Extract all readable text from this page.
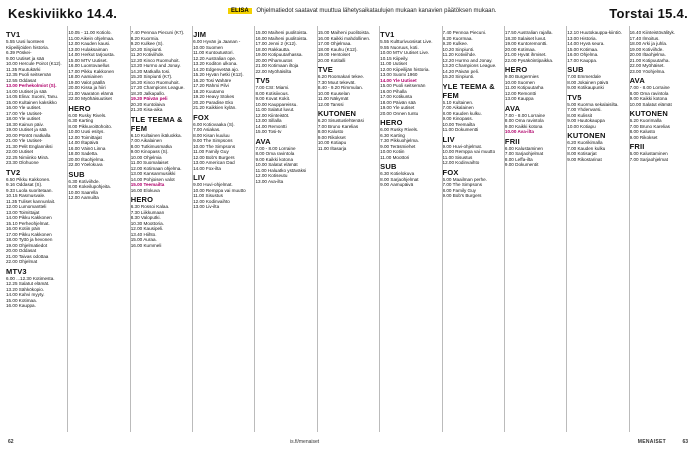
Keskiviikko 14.4.	ELISA Ohjelmatiedot saatavat muuttua lähetysaikataulujen mukaan kanavien päätöksen mukaan.	Torstai 15.4.
TV1
5.55 Uusi luonteen
Kiipeilijöiden historia.
6.39 Pöskei-
9.00 Uutiset ja sää
10.00 Hercule Poirot (K12).
11.35 Ruutukärki
12.35 Puoli seitsemän
12.55 Oddasat
13.00 Perhekolmiot (S).
14.00 Uutiset ja sää
14.05 Elina: Suomi, Tanu.
15.00 Kultainen kaksikko
16.00 Yle uutiset.
17.00 Yle Uutiset-
18.00 Yle uutiset
18.30 Kainun päiv.
19.00 Uutiset ja sää
20.00 Pöntöt matkalla
21.00 Yle Uutiset-
21.30 Pelit Englanniksi
22.00 Uutiset
22.25 Nimiinko Minä.
23.30 Olohuone
TV2
6.50 Pikku Kakkonen.
9.16 Oddasat (S).
9.33 Luola suoritetaan.
10.15 Rasmusvale.
11.35 Tuliset kannunlait.
12.00 Lumomantteli
13.00 Toimittajat
14.00 Pikku Kakkonen
15.10 Perheohjelmat.
16.00 Kotiin päin
17.00 Pikku Kakkonen
18.00 Tyttö ja hevonen
19.00 Ohjelmatiedot
20.00 Oddasat
21.00 Taivas odottaa
22.00 Ohjelmat
MTV3
6.00 ...12.30 Kotimesta.
12.25 Salatut elämät.
13.20 Sähkökopio.
14.00 Kahvi myyty.
15.00 Kotimaa.
16.00 Kauppa.
10.05 - 11.00 Kotiolo.
11.00 Aikein ohjelmaa.
12.00 Kauden kausi.
13.00 Hulaksaiman
14.00 Herkut tarjousta.
15.00 MTV Uutiset.
16.00 Luontovaellus
17.00 Pikku Kakkonen
18.00 Aamiainen
19.00 Valot päällä
20.00 Kissa ja hiiri
21.00 Vaaraton elämä
22.00 Myöhäisuutiset
HERO
6.00 Rusky Rivels.
6.30 Karting
8.00 Pikkuvoittohoito.
10.00 Uusi esitys.
12.00 Toimittajat
14.00 Iltapäivä
16.00 Väinö Linna
18.00 Sadetta.
20.00 Iltaohjelma.
22.00 Yöelokuva
SUB
6.30 Kotiviihde.
8.00 Kokeilupohjeita.
10.00 Saarella
12.00 Aamuilta
7.40 Pennoa Piecuni (K7).
8.20 Kuormia.
9.20 Kulkee (S).
10.20 Sinpiunti.
11.20 Kotiviihde.
12.20 Kinco Ruomuhoit.
13.20 Hurmo and Jonay.
14.20 Matkalla tosi.
15.20 Sinpiunti (K7).
16.20 Kinco Ruomuhoit.
17.20 Champions League.
18.20 Jalkapallo.
19.20 Päivän peli
20.20 Kuntolaiva
21.20 Kisa-aika
TLE TEEMA & FEM
6.10 Kultainen ikäluokka.
7.00 Aikalainen
8.00 Tutkimusmatka
9.00 Kinopass (S).
10.00 Ohjelmia
11.00 Suomalaiset
12.00 Kotimaan ohjelma.
13.00 Kansanmusiikki
14.00 Pohjoisen valot
15.00 Teemailta
16.00 Elokuva
HERO
6.30 Rossoi Kalaa.
7.30 Liikkumaan
8.30 Valoputki.
10.30 Moottoria.
12.00 Kausipeli.
13.40 Hiihto.
15.00 Auraa.
16.00 Kummeli
JIM
6.00 Hyvän ja Jaanan -
10.00 Suomen
11.00 Kuntoutustori.
12.20 Australian ope.
13.20 Koditon ulkona.
14.20 Edgenvetää ajo.
15.20 Hyvän hetki (K12).
16.20 Tosi Wahäre
17.20 Rähmi Pilvi
18.20 Kuutamo
19.20 Heavy Stokes
20.20 Paradise Eko
21.20 Kaikkien kylän.
FOX
6.00 Kotiovaaka (S).
7.00 Asiakas.
8.00 Kisan kuuluu
9.00 The Simpsons
10.00 The Simpsons
11.00 Family Guy
12.00 Bob's Burgers
13.00 American Dad
14.00 Fox-ilta
LIV
9.00 Huvi-ohjelmat.
10.00 Remppa vai muutto
11.00 Sisustus
12.00 Kodinvaihto
13.00 Liv-ilta
15.00 Maiheni puolitoista.
16.00 Maiheni puolitoista.
17.00 Jenni 2 (K12).
18.00 Rakkautta.
19.00 Kotipuutarhassa.
20.00 Pihamuutos
21.00 Kotimaan iltoja
22.00 Myöhäisilta
TV5
7.00 CSI: Miami.
8.00 Kotisiivous.
9.00 Kovat Kokit.
10.00 Kauppareissu.
11.00 Salatut luvut.
12.00 Kiinteistöt.
13.00 Sillalla
14.00 Remontti
15.00 Tosi-tv
AVA
7.00 - 8.00 Lorraine
8.00 Oma ravintola
9.00 Kaikki kotona
10.00 Salatut elämät
11.00 Haluatko ystäväksi
12.00 Kotiseutu
13.00 Ava-ilta
15.00 Maiheni puolitoista.
16.00 Kaikki mahdollinen.
17.00 Ohjelmaa.
18.00 Kauhu (K12).
19.00 Hentoiset
20.00 Kotitalli
TVE
6.20 Roomakari tekee.
7.30 Muut tekevät.
8.40 - 9.20 Rimmulan.
10.00 Kuuselan
11.00 Näkymät
12.00 Tanssi
KUTONEN
6.20 Sisustuslehtenäsi
7.00 Bruno Karelias
8.00 Kalusto
9.00 Rikokset
10.00 Kotiapu
11.00 Iltasarja
TV1
5.55 Kultturivuosisat Live.
9.55 Nuoruus, koti.
10.00 MTV Uutiset Live.
10.15 Kiipeily.
11.00 Uutiset
12.00 Kiipeilijän historia.
13.00 Suomi 1960
14.00 Yle Uutiset
15.00 Puoli seitsemän
16.00 Pihalla
17.00 Kotikunta
18.00 Päivän sää
19.00 Yle uutiset
20.00 Onnen tuntu
HERO
6.00 Rusky Rivels.
6.30 Karting
7.30 Pikkuohjelma.
9.00 Teräsmiehet
10.00 Kotiin
11.00 Moottori
SUB
6.30 Kotielokuva
8.00 Sarjaohjelmat
9.00 Aamupäivä
7.40 Pennoa Piecuni.
8.20 Kuormaa.
9.20 Kulkee.
10.20 Sinpiunti.
11.20 Kotiviihde.
12.20 Hurmo and Jonay.
13.20 Champions League.
14.20 Päivän peli.
15.20 Sinpiunti.
YLE TEEMA & FEM
6.10 Kultainen.
7.00 Aikalainen
8.00 Kauden kulku.
9.00 Kinopass.
10.00 Teemailta
11.00 Dokumentti
LIV
9.00 Huvi-ohjelmat.
10.00 Remppa vai muutto
11.00 Sisustus
12.00 Kodinvaihto
FOX
6.00 Maailman perhe.
7.00 The Simpsons
8.00 Family Guy
9.00 Bob's Burgers
17.50 Australian rajalla.
18.30 Salaiset luvut.
19.00 Kuntoremontti.
20.00 Kotimaa.
21.00 Hyvät ihmiset.
22.00 Pysäköintipaikka.
HERO
9.00 Burgermies
10.00 Suomen
11.00 Kotipuutarha
12.00 Remontti
13.00 Kauppa
AVA
7.00 - 8.00 Lorraine
8.00 Oma ravintola
9.00 Kaikki kotona
10.00 Ava-ilta
FRII
6.00 Kalustaminen
7.00 Sarjaohjelmat
8.00 Leffa-ilta
9.00 Dokumentit
12.10 Huutokauppa-kiintiö.
13.00 Historia.
14.00 Hyvä seura.
15.00 Kotimaa.
16.00 Ohjelma.
17.00 Kauppa.
SUB
7.00 Emmerdale
8.00 Jokainen päivä
9.00 Kotikaupunki
TV5
5.00 Kuorma sekalaisilta.
7.00 Yhdenvarsi.
8.00 Kulissit
9.00 Huutokauppa
10.00 Kotiapu
KUTONEN
6.20 Kuorikimalla
7.00 Kauden kulku
8.00 Kotisarjat
9.00 Rikostarinat
16.40 Kiinteistövälityk.
17.40 Ilmoitus.
18.00 Arki ja juhla.
19.00 Kotiviihde.
20.00 Iltaohjelma.
21.00 Kotipuutarha.
22.00 Myöhäiset.
23.00 Yöohjelma.
AVA
7.00 - 8.00 Lorraine
8.00 Oma ravintola
9.00 Kaikki kotona
10.00 Salatut elämät
KUTONEN
6.20 Kuorimalla
7.00 Bruno Karelias
8.00 Kalusto
9.00 Rikokset
FRII
6.00 Kalustaminen
7.00 Sarjaohjelmat
62	is.fi/menaiset	MENAISET	63
